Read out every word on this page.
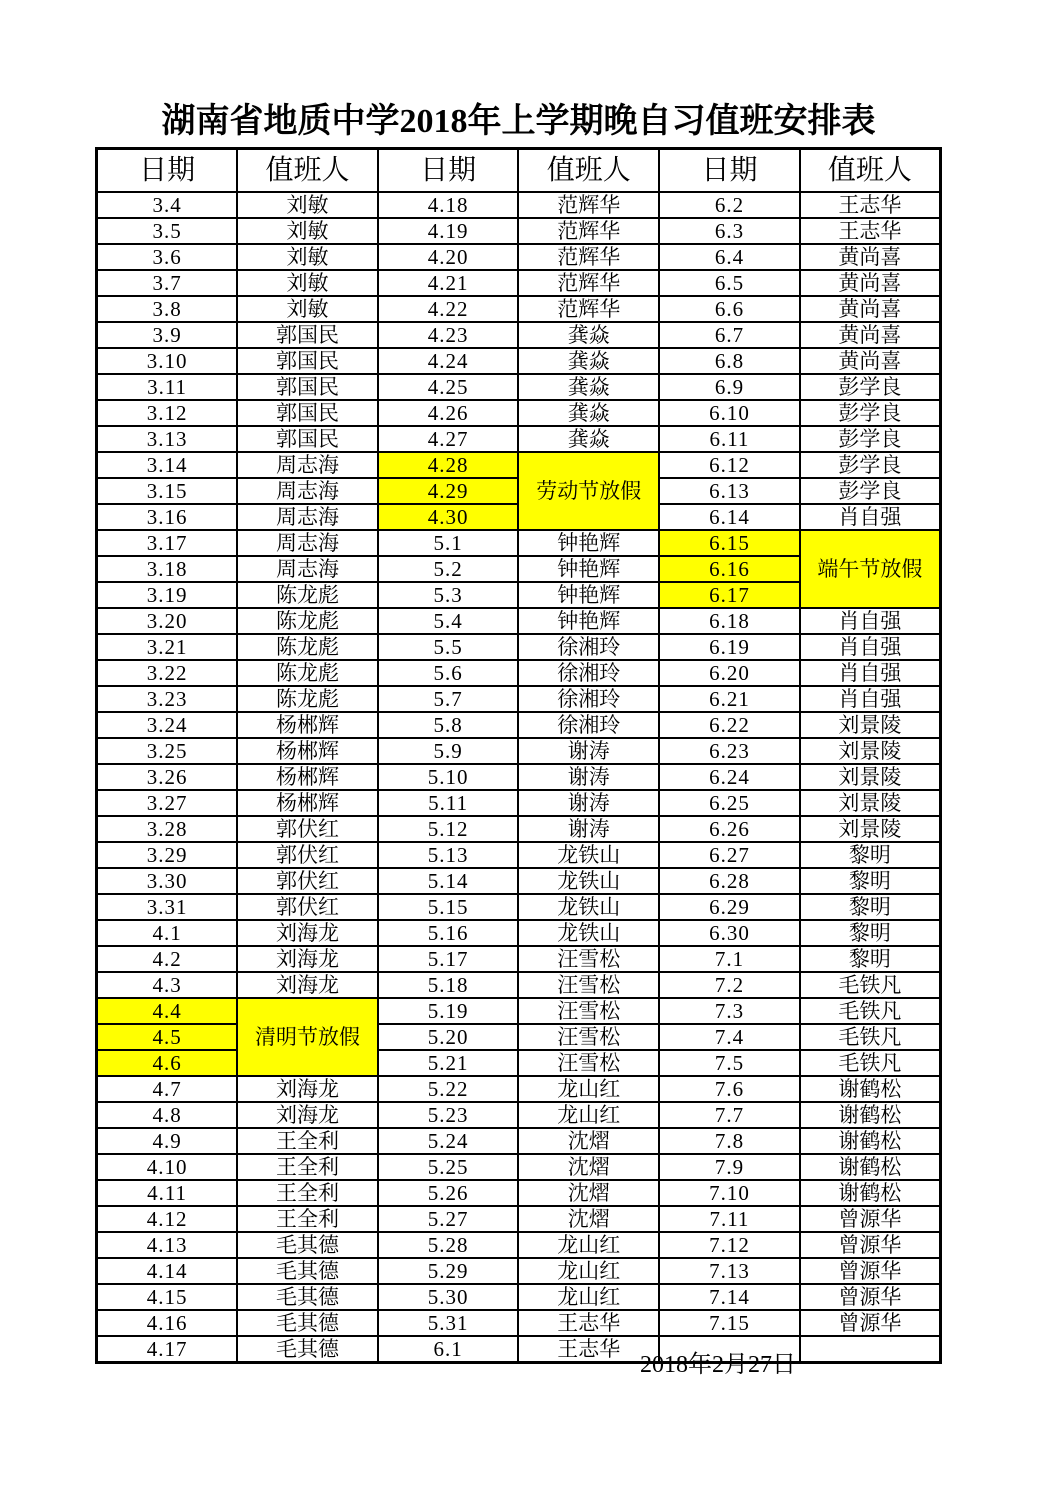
湖南省地质中学2018年上学期晚自习值班安排表
日期	值班人	日期	值班人	日期	值班人
3.4	刘敏	4.18	范辉华	6.2	王志华
3.5	刘敏	4.19	范辉华	6.3	王志华
3.6	刘敏	4.20	范辉华	6.4	黄尚喜
3.7	刘敏	4.21	范辉华	6.5	黄尚喜
3.8	刘敏	4.22	范辉华	6.6	黄尚喜
3.9	郭国民	4.23	龚焱	6.7	黄尚喜
3.10	郭国民	4.24	龚焱	6.8	黄尚喜
3.11	郭国民	4.25	龚焱	6.9	彭学良
3.12	郭国民	4.26	龚焱	6.10	彭学良
3.13	郭国民	4.27	龚焱	6.11	彭学良
3.14	周志海	4.28	劳动节放假	6.12	彭学良
3.15	周志海	4.29		6.13	彭学良
3.16	周志海	4.30		6.14	肖自强
3.17	周志海	5.1	钟艳辉	6.15	端午节放假
3.18	周志海	5.2	钟艳辉	6.16	
3.19	陈龙彪	5.3	钟艳辉	6.17	
3.20	陈龙彪	5.4	钟艳辉	6.18	肖自强
3.21	陈龙彪	5.5	徐湘玲	6.19	肖自强
3.22	陈龙彪	5.6	徐湘玲	6.20	肖自强
3.23	陈龙彪	5.7	徐湘玲	6.21	肖自强
3.24	杨郴辉	5.8	徐湘玲	6.22	刘景陵
3.25	杨郴辉	5.9	谢涛	6.23	刘景陵
3.26	杨郴辉	5.10	谢涛	6.24	刘景陵
3.27	杨郴辉	5.11	谢涛	6.25	刘景陵
3.28	郭伏红	5.12	谢涛	6.26	刘景陵
3.29	郭伏红	5.13	龙铁山	6.27	黎明
3.30	郭伏红	5.14	龙铁山	6.28	黎明
3.31	郭伏红	5.15	龙铁山	6.29	黎明
4.1	刘海龙	5.16	龙铁山	6.30	黎明
4.2	刘海龙	5.17	汪雪松	7.1	黎明
4.3	刘海龙	5.18	汪雪松	7.2	毛铁凡
4.4	清明节放假	5.19	汪雪松	7.3	毛铁凡
4.5		5.20	汪雪松	7.4	毛铁凡
4.6		5.21	汪雪松	7.5	毛铁凡
4.7	刘海龙	5.22	龙山红	7.6	谢鹤松
4.8	刘海龙	5.23	龙山红	7.7	谢鹤松
4.9	王全利	5.24	沈熠	7.8	谢鹤松
4.10	王全利	5.25	沈熠	7.9	谢鹤松
4.11	王全利	5.26	沈熠	7.10	谢鹤松
4.12	王全利	5.27	沈熠	7.11	曾源华
4.13	毛其德	5.28	龙山红	7.12	曾源华
4.14	毛其德	5.29	龙山红	7.13	曾源华
4.15	毛其德	5.30	龙山红	7.14	曾源华
4.16	毛其德	5.31	王志华	7.15	曾源华
4.17	毛其德	6.1	王志华		
2018年2月27日
